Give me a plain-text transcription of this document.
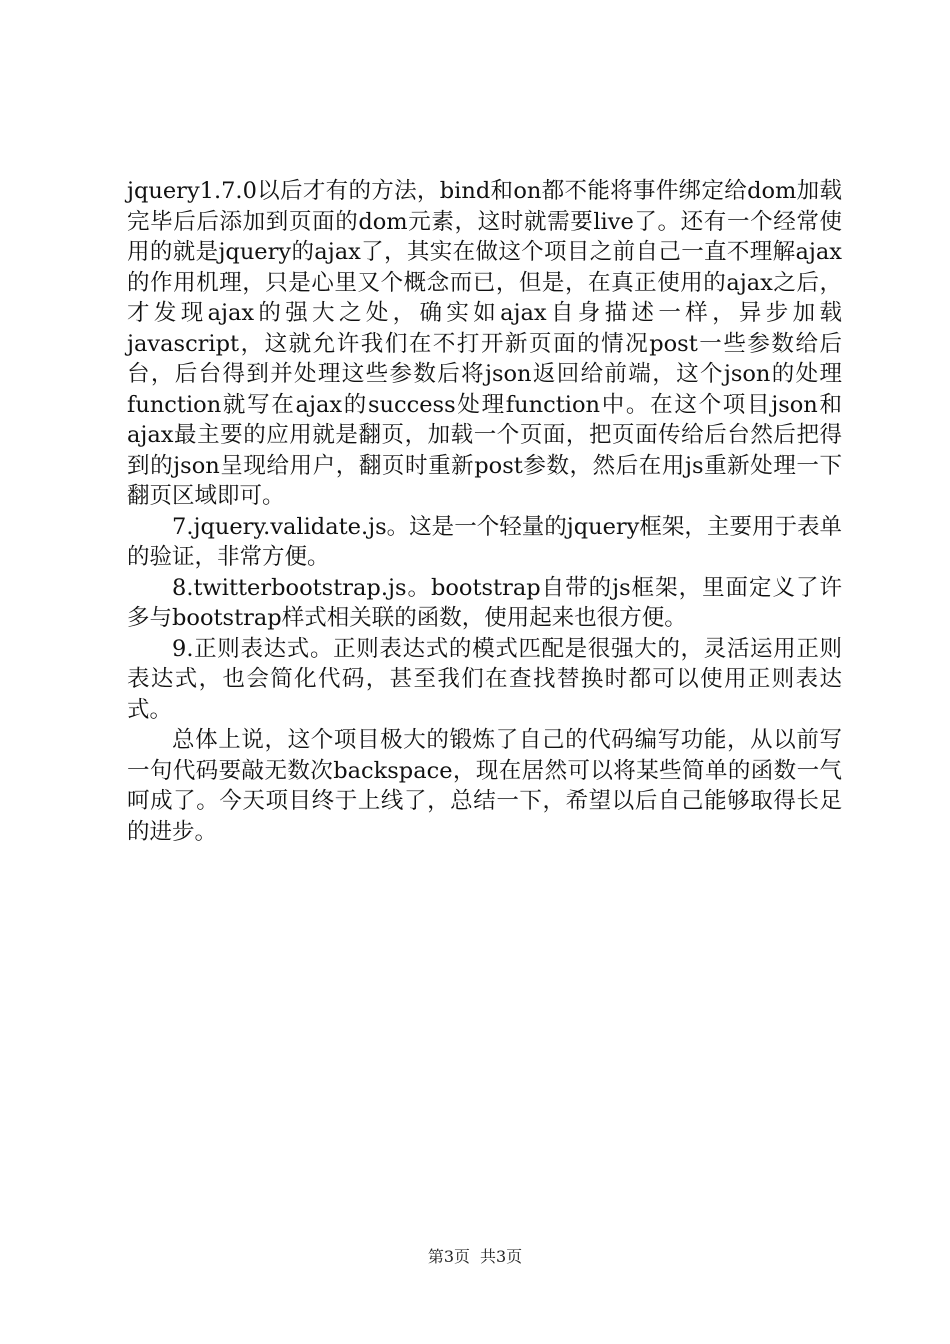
jquery1.7.0以后才有的方法，bind和on都不能将事件绑定给dom加载完毕后后添加到页面的dom元素，这时就需要live了。还有一个经常使用的就是jquery的ajax了，其实在做这个项目之前自己一直不理解ajax的作用机理，只是心里又个概念而已，但是，在真正使用的ajax之后，才发现ajax的强大之处，确实如ajax自身描述一样，异步加载javascript，这就允许我们在不打开新页面的情况post一些参数给后台，后台得到并处理这些参数后将json返回给前端，这个json的处理function就写在ajax的success处理function中。在这个项目json和ajax最主要的应用就是翻页，加载一个页面，把页面传给后台然后把得到的json呈现给用户，翻页时重新post参数，然后在用js重新处理一下翻页区域即可。

7.jquery.validate.js。这是一个轻量的jquery框架，主要用于表单的验证，非常方便。

8.twitterbootstrap.js。bootstrap自带的js框架，里面定义了许多与bootstrap样式相关联的函数，使用起来也很方便。

9.正则表达式。正则表达式的模式匹配是很强大的，灵活运用正则表达式，也会简化代码，甚至我们在查找替换时都可以使用正则表达式。

总体上说，这个项目极大的锻炼了自己的代码编写功能，从以前写一句代码要敲无数次backspace，现在居然可以将某些简单的函数一气呵成了。今天项目终于上线了，总结一下，希望以后自己能够取得长足的进步。

第3页 共3页
